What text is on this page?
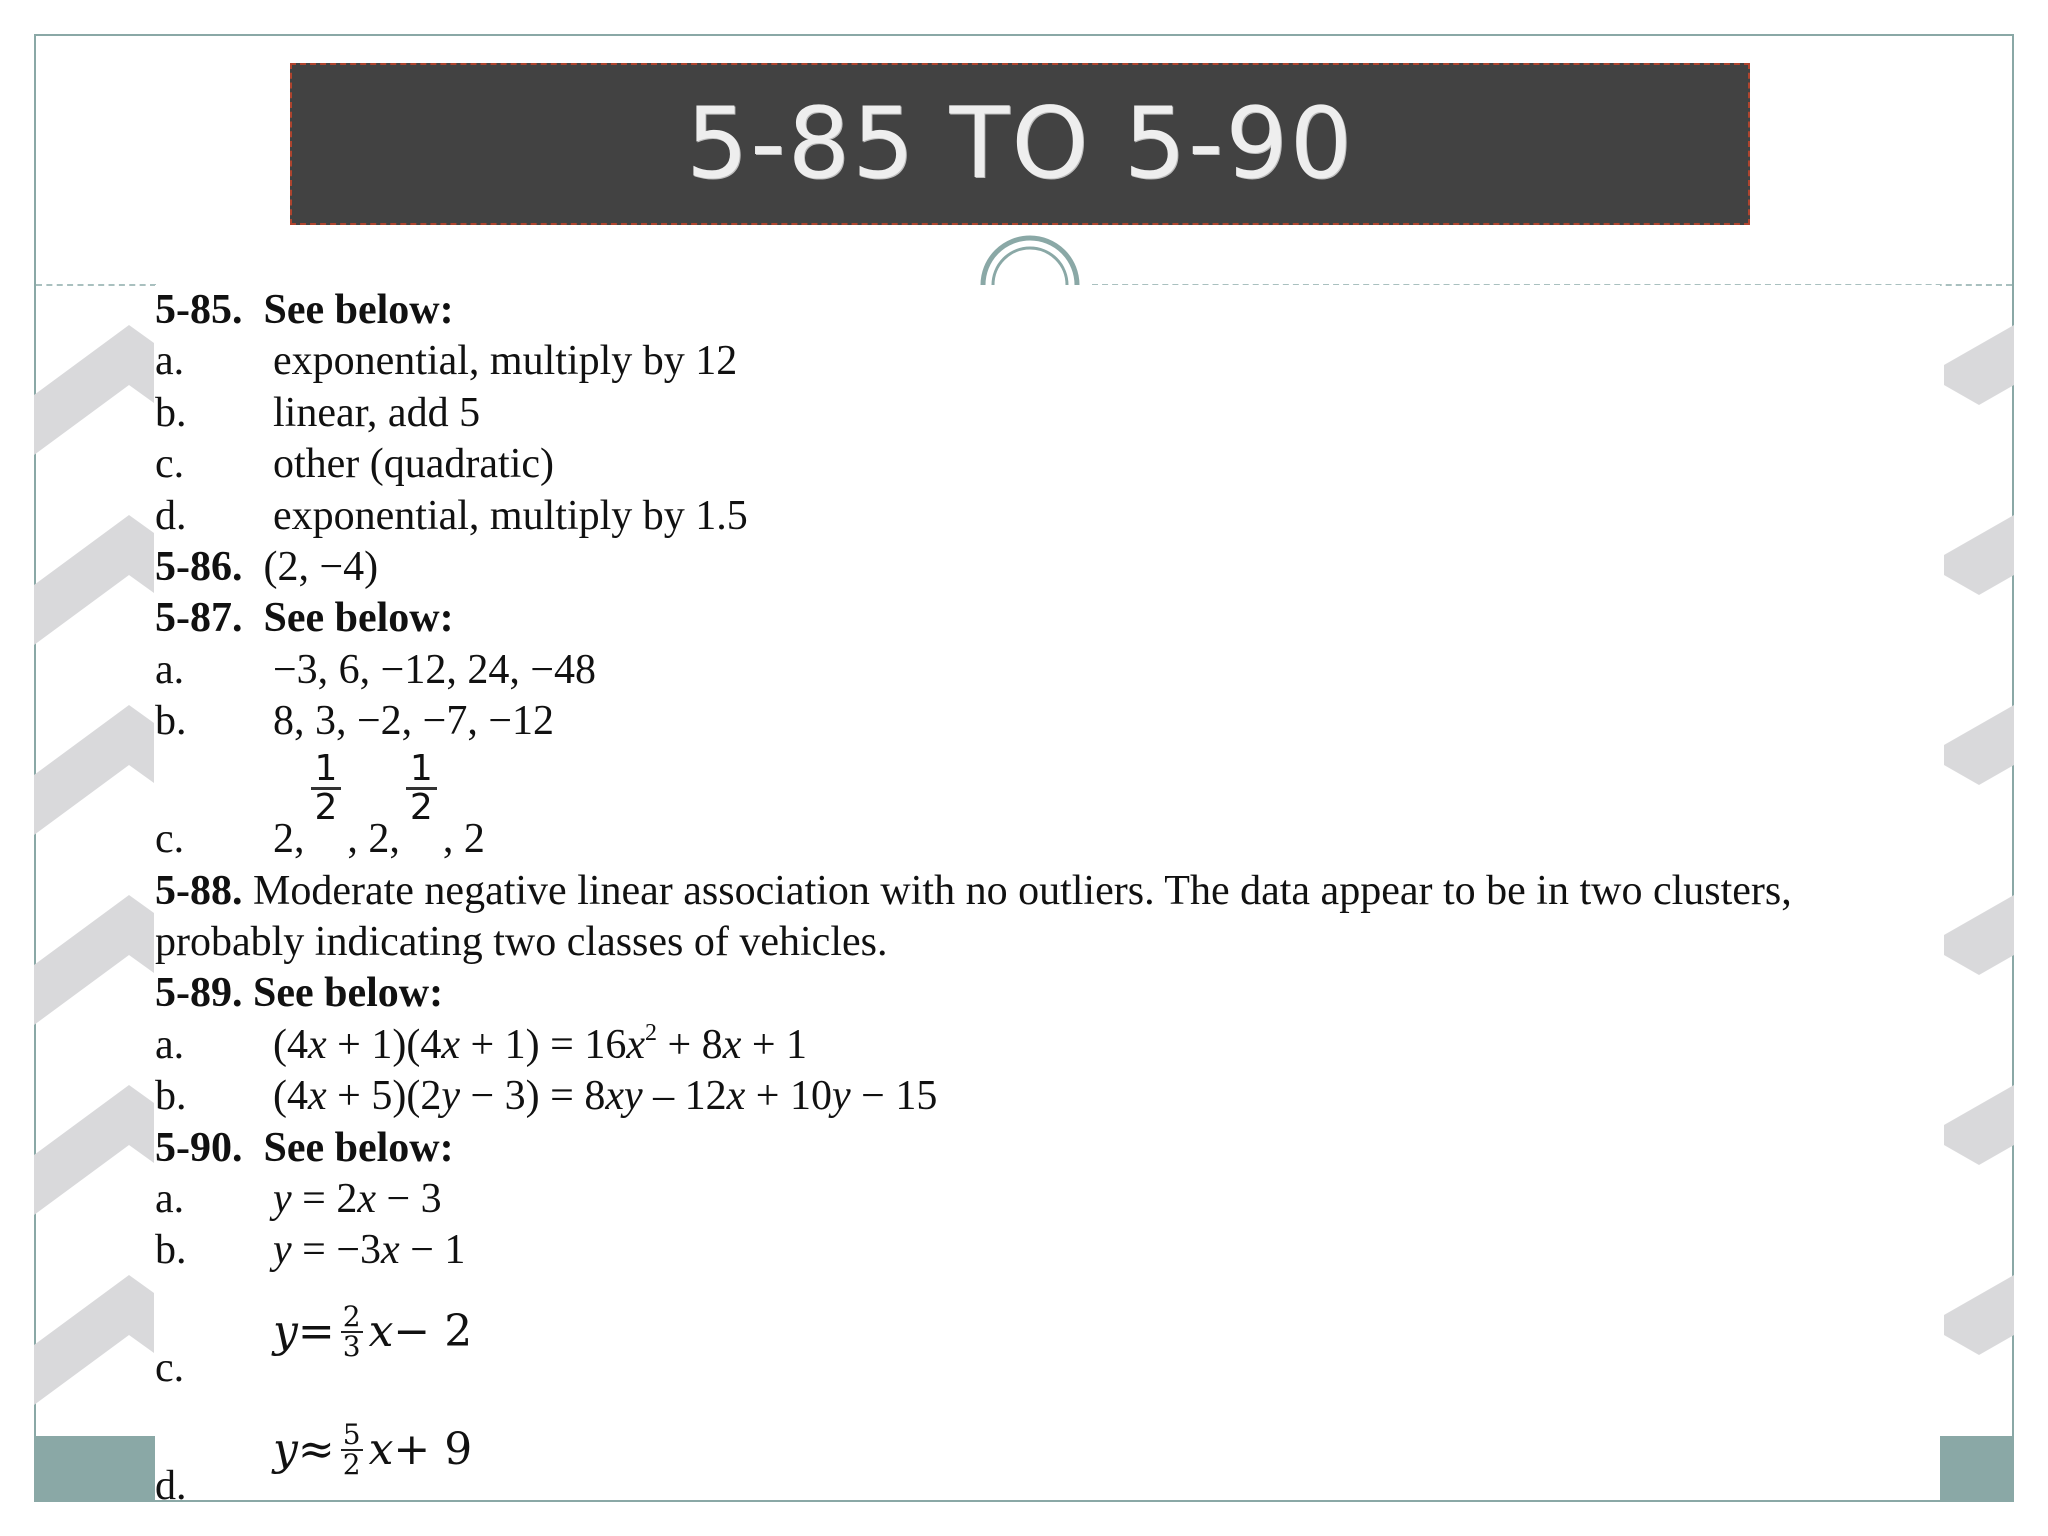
5-85 TO 5-90
5-85. See below:
a. exponential, multiply by 12
b. linear, add 5
c. other (quadratic)
d. exponential, multiply by 1.5
5-86. (2, −4)
5-87. See below:
a. −3, 6, −12, 24, −48
b. 8, 3, −2, −7, −12
c.	2,
$\frac{1}{2}$
, 2,
$\frac{1}{2}$
, 2
5-88. Moderate negative linear association with no outliers. The data appear to be in two clusters, probably indicating two classes of vehicles.
5-89. See below:
a. $(4x + 1)(4x + 1) = 16x^2 + 8x + 1$
b. (4x + 5)(2y − 3) = 8xy – 12x + 10y − 15
5-90. See below:
a. y = 2x − 3
b. y = −3x − 1
c.
$y = \frac{2}{3}$ x − 2
d.
$y \approx \frac{5}{2}$ x + 9
